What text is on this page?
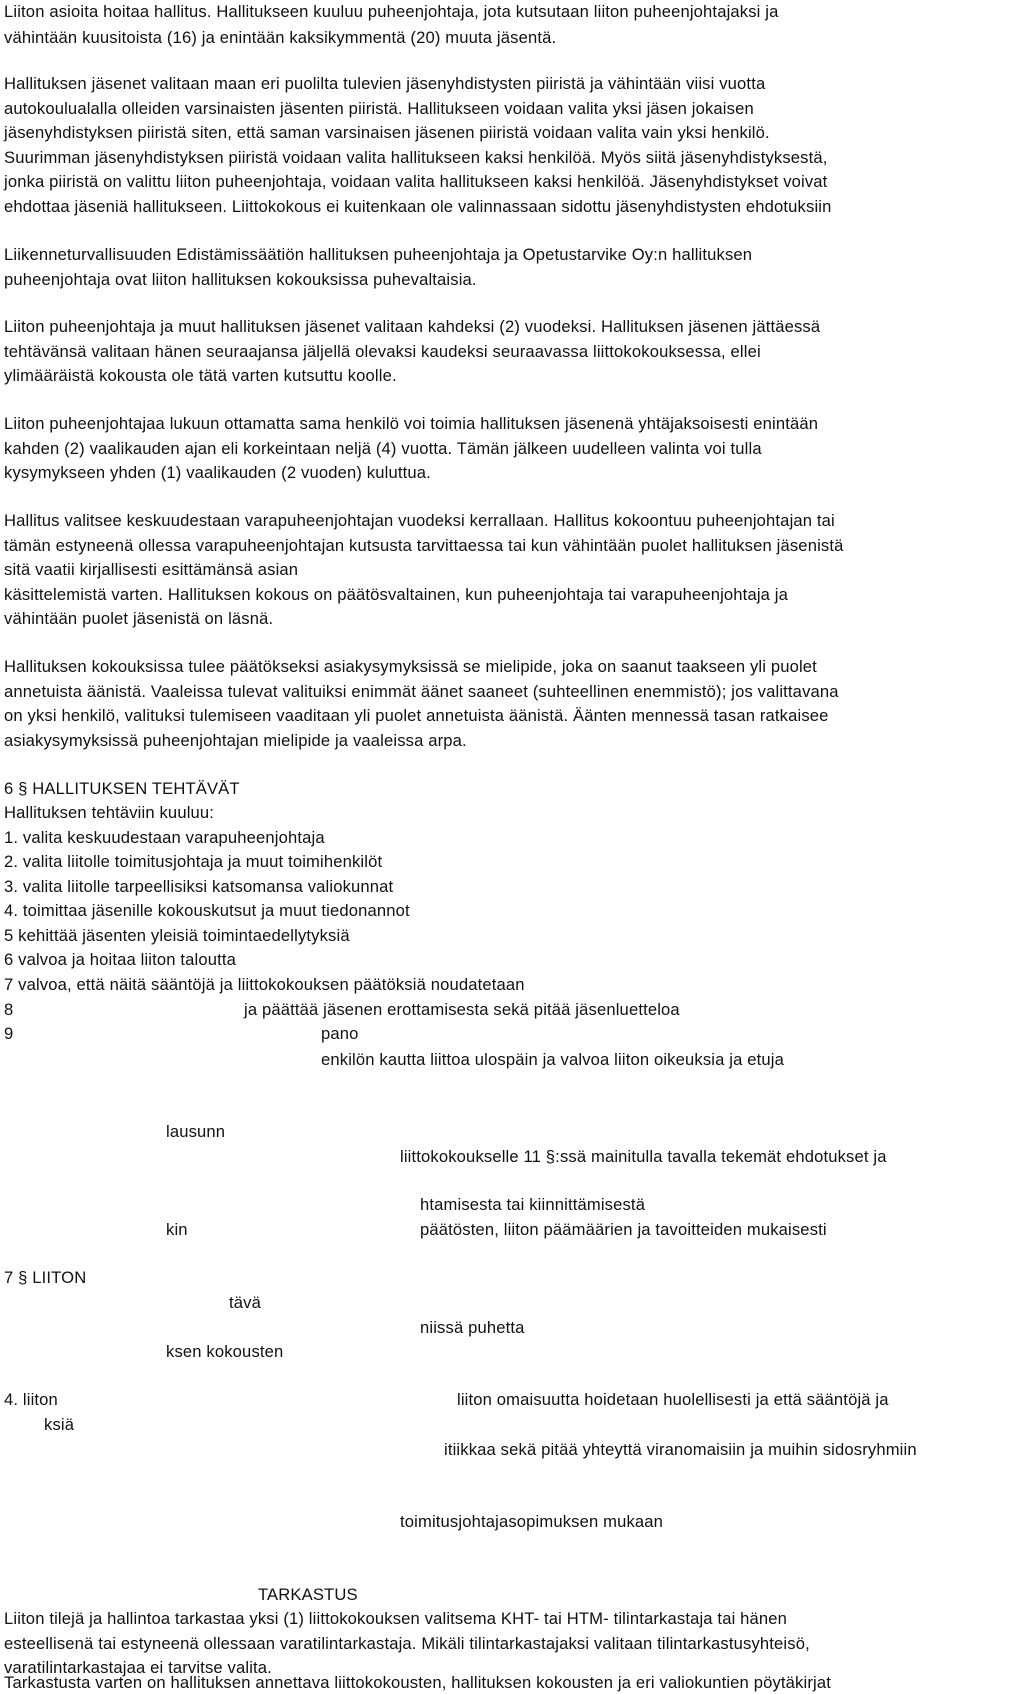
Liiton asioita hoitaa hallitus. Hallitukseen kuuluu puheenjohtaja, jota kutsutaan liiton puheenjohtajaksi ja
vähintään kuusitoista (16) ja enintään kaksikymmentä (20) muuta jäsentä.
Hallituksen jäsenet valitaan maan eri puolilta tulevien jäsenyhdistysten piiristä ja vähintään viisi vuotta
autokoulualalla olleiden varsinaisten jäsenten piiristä. Hallitukseen voidaan valita yksi jäsen jokaisen
jäsenyhdistyksen piiristä siten, että saman varsinaisen jäsenen piiristä voidaan valita vain yksi henkilö.
Suurimman jäsenyhdistyksen piiristä voidaan valita hallitukseen kaksi henkilöä. Myös siitä jäsenyhdistyksestä,
jonka piiristä on valittu liiton puheenjohtaja, voidaan valita hallitukseen kaksi henkilöä. Jäsenyhdistykset voivat
ehdottaa jäseniä hallitukseen. Liittokokous ei kuitenkaan ole valinnassaan sidottu jäsenyhdistysten ehdotuksiin
Liikenneturvallisuuden Edistämissäätiön hallituksen puheenjohtaja ja Opetustarvike Oy:n hallituksen
puheenjohtaja ovat liiton hallituksen kokouksissa puhevaltaisia.
Liiton puheenjohtaja ja muut hallituksen jäsenet valitaan kahdeksi (2) vuodeksi. Hallituksen jäsenen jättäessä
tehtävänsä valitaan hänen seuraajansa jäljellä olevaksi kaudeksi seuraavassa liittokokouksessa, ellei
ylimääräistä kokousta ole tätä varten kutsuttu koolle.
Liiton puheenjohtajaa lukuun ottamatta sama henkilö voi toimia hallituksen jäsenenä yhtäjaksoisesti enintään
kahden (2) vaalikauden ajan eli korkeintaan neljä (4) vuotta. Tämän jälkeen uudelleen valinta voi tulla
kysymykseen yhden (1) vaalikauden (2 vuoden) kuluttua.
Hallitus valitsee keskuudestaan varapuheenjohtajan vuodeksi kerrallaan. Hallitus kokoontuu puheenjohtajan tai
tämän estyneenä ollessa varapuheenjohtajan kutsusta tarvittaessa tai kun vähintään puolet hallituksen jäsenistä
sitä vaatii kirjallisesti esittämänsä asian
käsittelemistä varten. Hallituksen kokous on päätösvaltainen, kun puheenjohtaja tai varapuheenjohtaja ja
vähintään puolet jäsenistä on läsnä.
Hallituksen kokouksissa tulee päätökseksi asiakysymyksissä se mielipide, joka on saanut taakseen yli puolet
annetuista äänistä. Vaaleissa tulevat valituiksi enimmät äänet saaneet (suhteellinen enemmistö); jos valittavana
on yksi henkilö, valituksi tulemiseen vaaditaan yli puolet annetuista äänistä. Äänten mennessä tasan ratkaisee
asiakysymyksissä puheenjohtajan mielipide ja vaaleissa arpa.
6 § HALLITUKSEN TEHTÄVÄT
Hallituksen tehtäviin kuuluu:
1. valita keskuudestaan varapuheenjohtaja
2. valita liitolle toimitusjohtaja ja muut toimihenkilöt
3. valita liitolle tarpeellisiksi katsomansa valiokunnat
4. toimittaa jäsenille kokouskutsut ja muut tiedonannot
5 kehittää jäsenten yleisiä toimintaedellytyksiä
6 valvoa ja hoitaa liiton taloutta
7 valvoa, että näitä sääntöjä ja liittokokouksen päätöksiä noudatetaan
8	ja päättää jäsenen erottamisesta sekä pitää jäsenluetteloa
9	pano
enkilön kautta liittoa ulospäin ja valvoa liiton oikeuksia ja etuja
lausunn
liittokokoukselle 11 §:ssä mainitulla tavalla tekemät ehdotukset ja
htamisesta tai kiinnittämisestä
kin	päätösten, liiton päämäärien ja tavoitteiden mukaisesti
7 § LIITON
tävä
niissä puhetta
ksen kokousten
4. liiton	liiton omaisuutta hoidetaan huolellisesti ja että sääntöjä ja
ksiä
itiikkaa sekä pitää yhteyttä viranomaisiin ja muihin sidosryhmiin
toimitusjohtajasopimuksen mukaan
TARKASTUS
Liiton tilejä ja hallintoa tarkastaa yksi (1) liittokokouksen valitsema KHT- tai HTM- tilintarkastaja tai hänen
esteellisenä tai estyneenä ollessaan varatilintarkastaja. Mikäli tilintarkastajaksi valitaan tilintarkastusyhteisö,
varatilintarkastajaa ei tarvitse valita.
Tarkastusta varten on hallituksen annettava liittokokousten, hallituksen kokousten ja eri valiokuntien pöytäkirjat
